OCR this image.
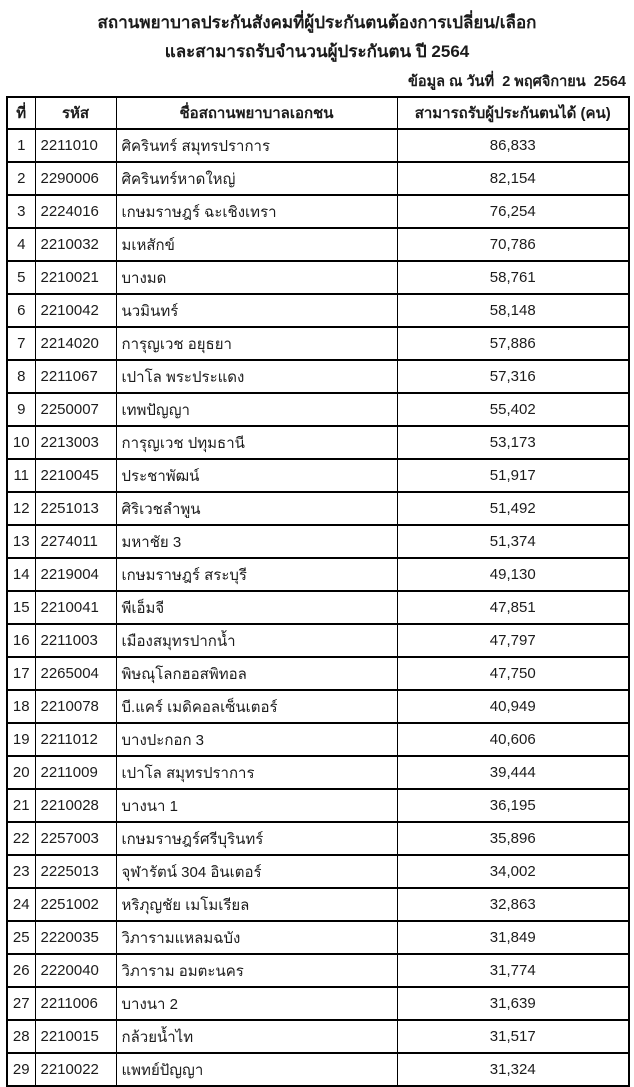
สถานพยาบาลประกันสังคมที่ผู้ประกันตนต้องการเปลี่ยน/เลือก
และสามารถรับจำนวนผู้ประกันตน ปี 2564
ข้อมูล ณ วันที่  2 พฤศจิกายน  2564
ที่	รหัส	ชื่อสถานพยาบาลเอกชน	สามารถรับผู้ประกันตนได้ (คน)
1	2211010	ศิครินทร์ สมุทรปราการ	86,833
2	2290006	ศิครินทร์หาดใหญ่	82,154
3	2224016	เกษมราษฎร์ ฉะเชิงเทรา	76,254
4	2210032	มเหสักข์	70,786
5	2210021	บางมด	58,761
6	2210042	นวมินทร์	58,148
7	2214020	การุญเวช อยุธยา	57,886
8	2211067	เปาโล พระประแดง	57,316
9	2250007	เทพปัญญา	55,402
10	2213003	การุญเวช ปทุมธานี	53,173
11	2210045	ประชาพัฒน์	51,917
12	2251013	ศิริเวชลำพูน	51,492
13	2274011	มหาชัย 3	51,374
14	2219004	เกษมราษฎร์ สระบุรี	49,130
15	2210041	พีเอ็มจี	47,851
16	2211003	เมืองสมุทรปากน้ำ	47,797
17	2265004	พิษณุโลกฮอสพิทอล	47,750
18	2210078	บี.แคร์ เมดิคอลเซ็นเตอร์	40,949
19	2211012	บางปะกอก 3	40,606
20	2211009	เปาโล สมุทรปราการ	39,444
21	2210028	บางนา 1	36,195
22	2257003	เกษมราษฎร์ศรีบุรินทร์	35,896
23	2225013	จุฬารัตน์ 304 อินเตอร์	34,002
24	2251002	หริภุญชัย เมโมเรียล	32,863
25	2220035	วิภารามแหลมฉบัง	31,849
26	2220040	วิภาราม อมตะนคร	31,774
27	2211006	บางนา 2	31,639
28	2210015	กล้วยน้ำไท	31,517
29	2210022	แพทย์ปัญญา	31,324
